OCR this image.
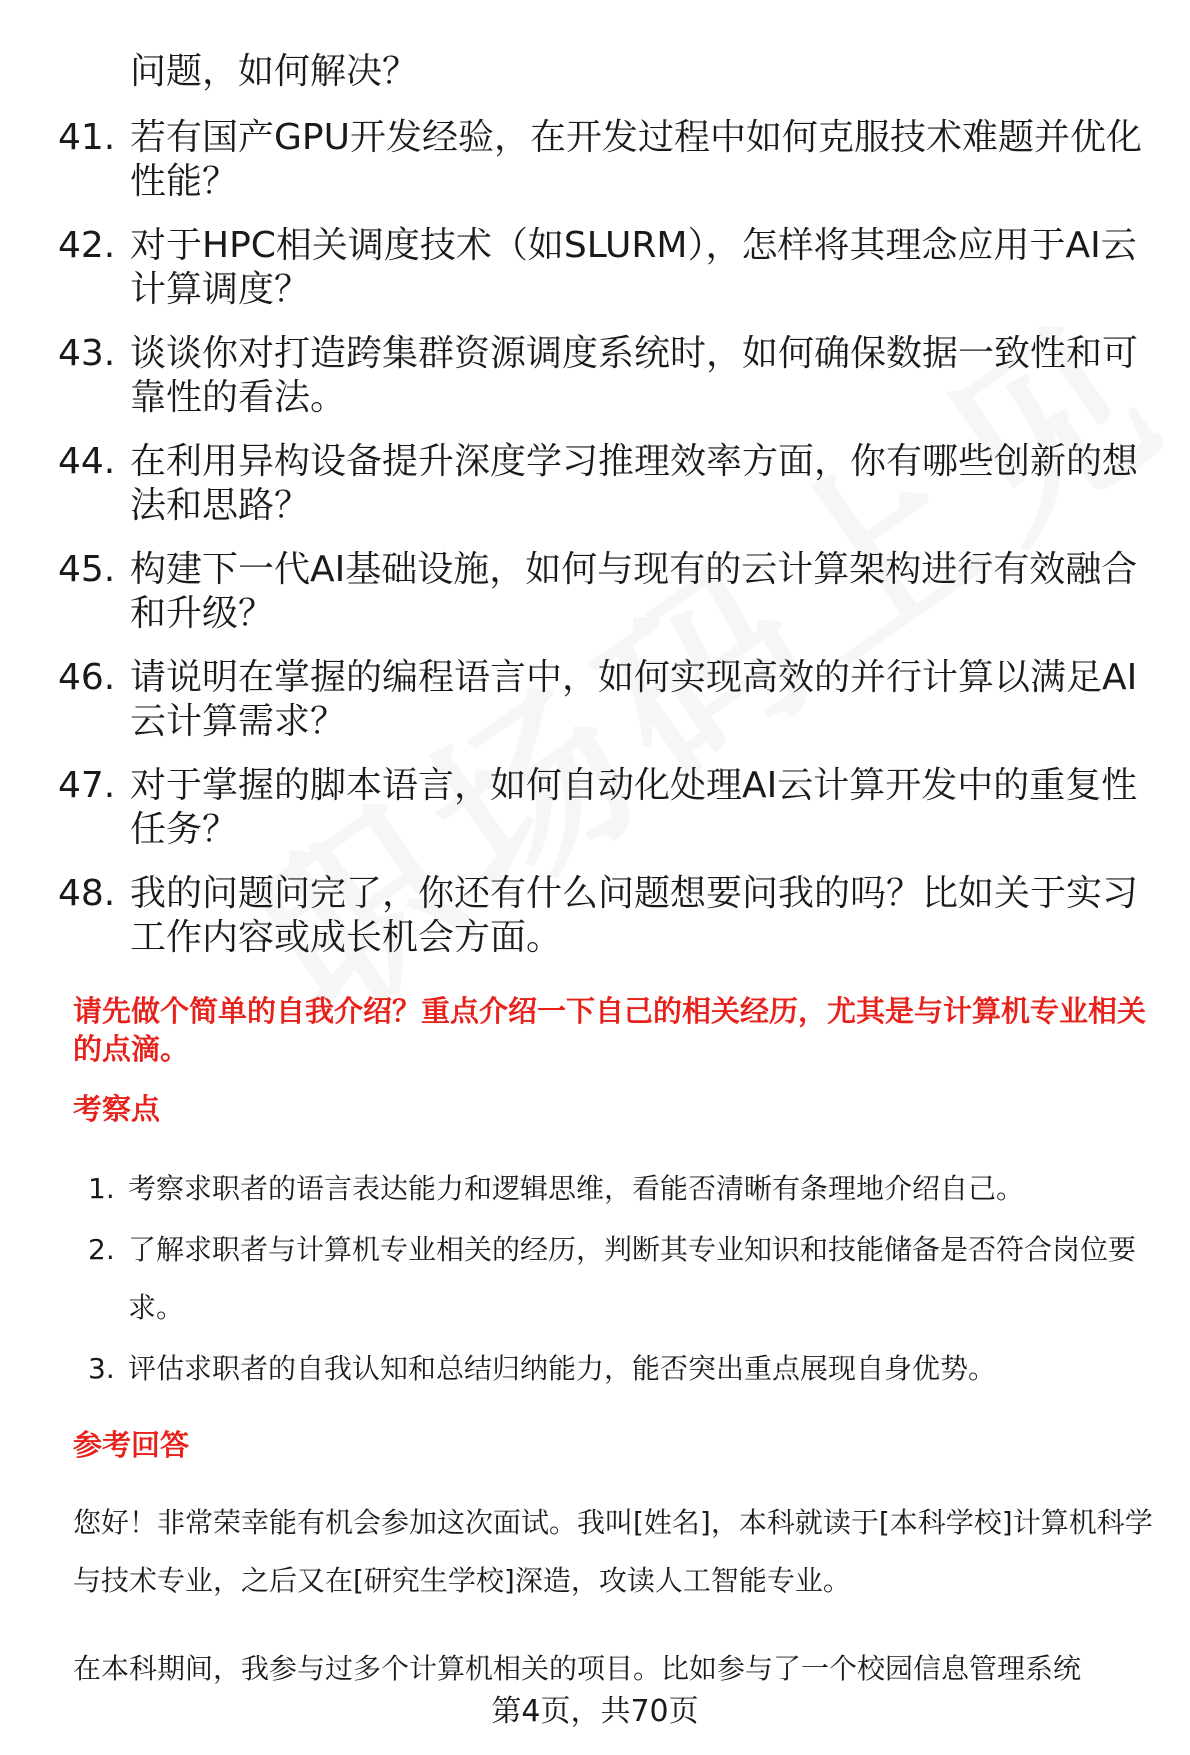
问题，如何解决？
41. 若有国产GPU开发经验，在开发过程中如何克服技术难题并优化性能？
42. 对于HPC相关调度技术（如SLURM），怎样将其理念应用于AI云计算调度？
43. 谈谈你对打造跨集群资源调度系统时，如何确保数据一致性和可靠性的看法。
44. 在利用异构设备提升深度学习推理效率方面，你有哪些创新的想法和思路？
45. 构建下一代AI基础设施，如何与现有的云计算架构进行有效融合和升级？
46. 请说明在掌握的编程语言中，如何实现高效的并行计算以满足AI云计算需求？
47. 对于掌握的脚本语言，如何自动化处理AI云计算开发中的重复性任务？
48. 我的问题问完了，你还有什么问题想要问我的吗？比如关于实习工作内容或成长机会方面。
请先做个简单的自我介绍？重点介绍一下自己的相关经历，尤其是与计算机专业相关的点滴。
考察点
1. 考察求职者的语言表达能力和逻辑思维，看能否清晰有条理地介绍自己。
2. 了解求职者与计算机专业相关的经历，判断其专业知识和技能储备是否符合岗位要求。
3. 评估求职者的自我认知和总结归纳能力，能否突出重点展现自身优势。
参考回答

您好！非常荣幸能有机会参加这次面试。我叫[姓名]，本科就读于[本科学校]计算机科学与技术专业，之后又在[研究生学校]深造，攻读人工智能专业。

在本科期间，我参与过多个计算机相关的项目。比如参与了一个校园信息管理系统

第4页，共70页
